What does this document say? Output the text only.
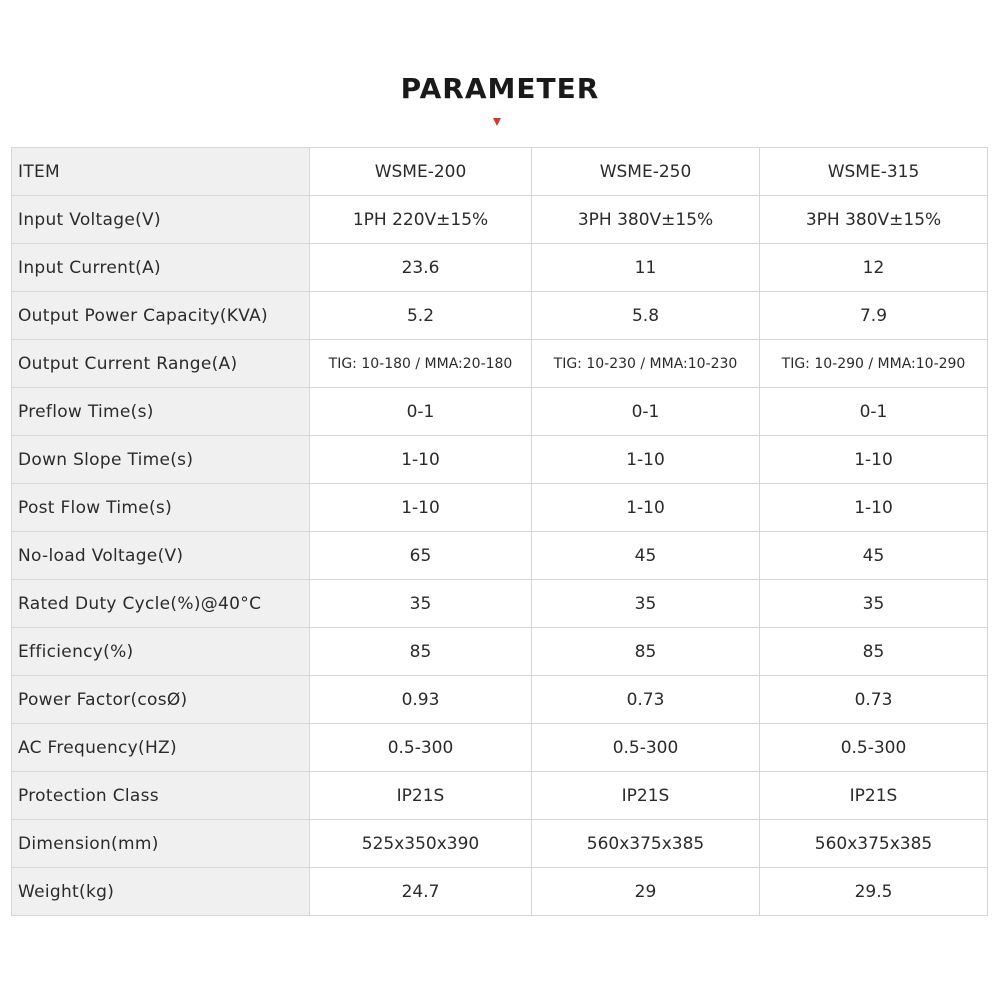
PARAMETER
ITEM	WSME-200	WSME-250	WSME-315
Input Voltage(V)	1PH 220V±15%	3PH 380V±15%	3PH 380V±15%
Input Current(A)	23.6	11	12
Output Power Capacity(KVA)	5.2	5.8	7.9
Output Current Range(A)	TIG: 10-180 / MMA:20-180	TIG: 10-230 / MMA:10-230	TIG: 10-290 / MMA:10-290
Preflow Time(s)	0-1	0-1	0-1
Down Slope Time(s)	1-10	1-10	1-10
Post Flow Time(s)	1-10	1-10	1-10
No-load Voltage(V)	65	45	45
Rated Duty Cycle(%)@40°C	35	35	35
Efficiency(%)	85	85	85
Power Factor(cosØ)	0.93	0.73	0.73
AC Frequency(HZ)	0.5-300	0.5-300	0.5-300
Protection Class	IP21S	IP21S	IP21S
Dimension(mm)	525x350x390	560x375x385	560x375x385
Weight(kg)	24.7	29	29.5
